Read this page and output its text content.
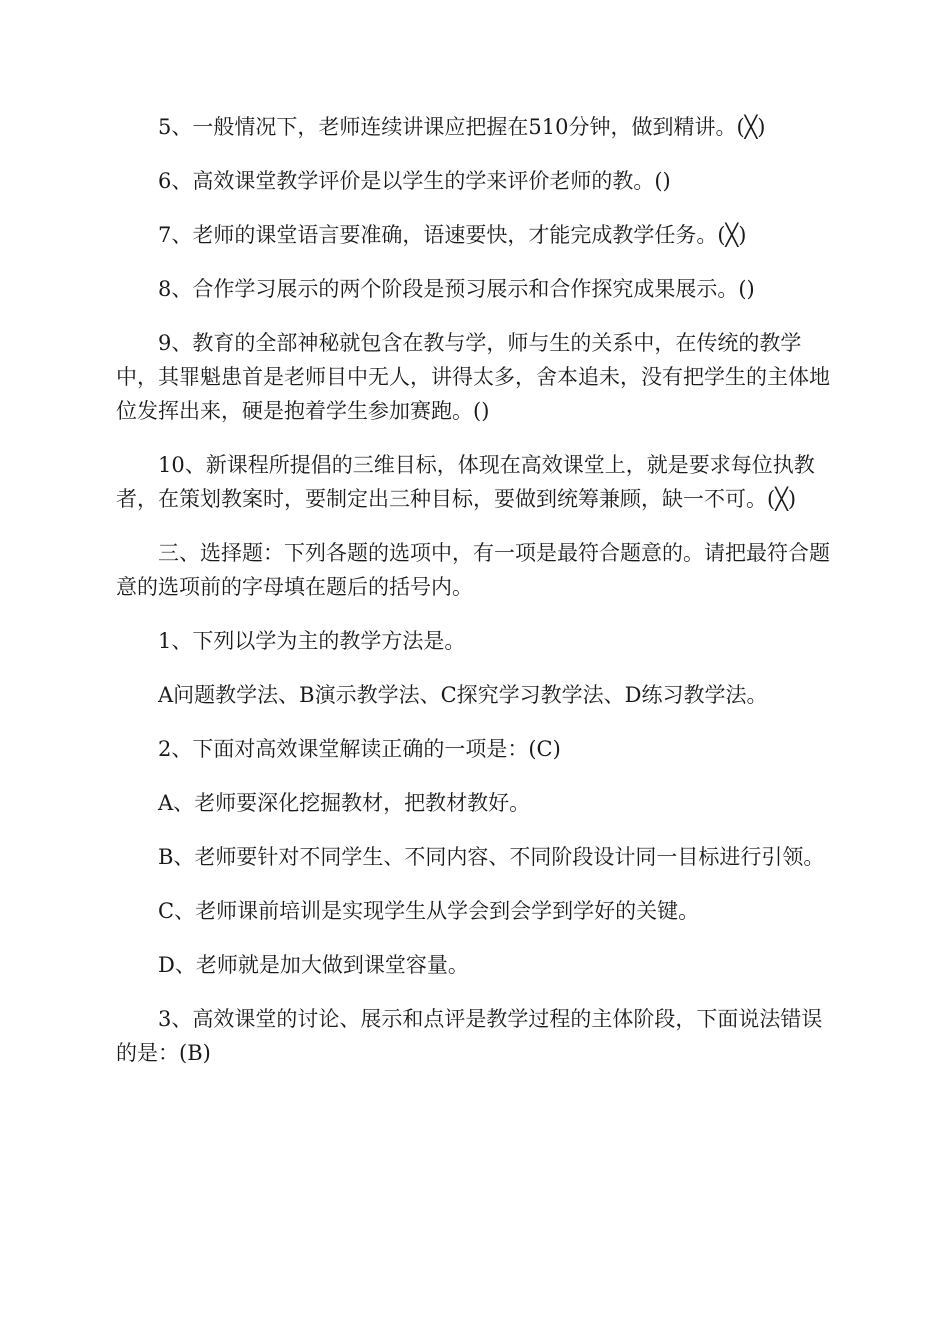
5、一般情况下，老师连续讲课应把握在510分钟，做到精讲。(╳)

6、高效课堂教学评价是以学生的学来评价老师的教。()

7、老师的课堂语言要准确，语速要快，才能完成教学任务。(╳)

8、合作学习展示的两个阶段是预习展示和合作探究成果展示。()

9、教育的全部神秘就包含在教与学，师与生的关系中，在传统的教学中，其罪魁患首是老师目中无人，讲得太多，舍本追未，没有把学生的主体地位发挥出来，硬是抱着学生参加赛跑。()

10、新课程所提倡的三维目标，体现在高效课堂上，就是要求每位执教者，在策划教案时，要制定出三种目标，要做到统筹兼顾，缺一不可。(╳)

三、选择题：下列各题的选项中，有一项是最符合题意的。请把最符合题意的选项前的字母填在题后的括号内。

1、下列以学为主的教学方法是。

A问题教学法、B演示教学法、C探究学习教学法、D练习教学法。

2、下面对高效课堂解读正确的一项是：(C)

A、老师要深化挖掘教材，把教材教好。

B、老师要针对不同学生、不同内容、不同阶段设计同一目标进行引领。

C、老师课前培训是实现学生从学会到会学到学好的关键。

D、老师就是加大做到课堂容量。

3、高效课堂的讨论、展示和点评是教学过程的主体阶段，下面说法错误的是：(B)
